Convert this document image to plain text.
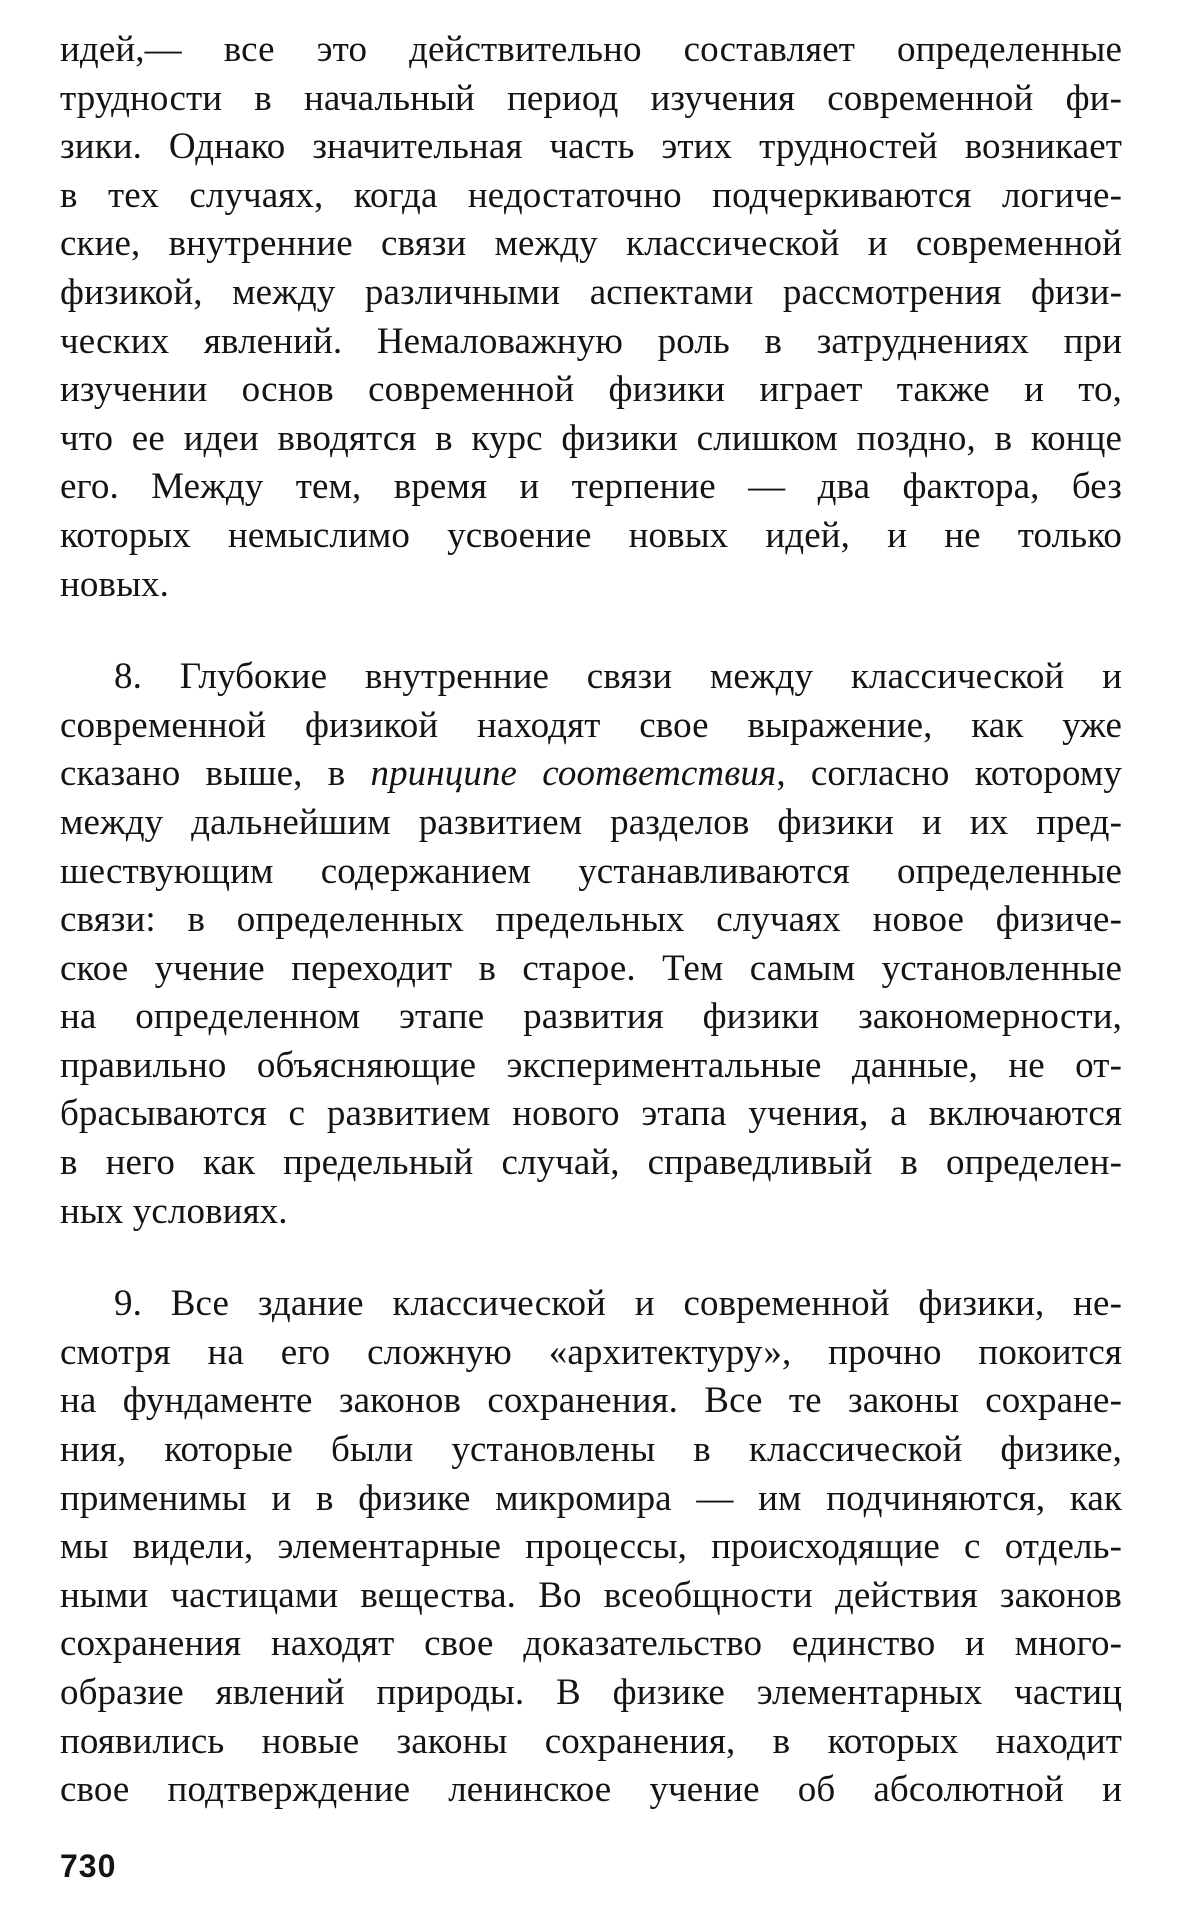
идей,— все это действительно составляет определенные
трудности в начальный период изучения современной фи-
зики. Однако значительная часть этих трудностей возникает
в тех случаях, когда недостаточно подчеркиваются логиче-
ские, внутренние связи между классической и современной
физикой, между различными аспектами рассмотрения физи-
ческих явлений. Немаловажную роль в затруднениях при
изучении основ современной физики играет также и то,
что ее идеи вводятся в курс физики слишком поздно, в конце
его. Между тем, время и терпение — два фактора, без
которых немыслимо усвоение новых идей, и не только
новых.

8. Глубокие внутренние связи между классической и
современной физикой находят свое выражение, как уже
сказано выше, в принципе соответствия, согласно которому
между дальнейшим развитием разделов физики и их пред-
шествующим содержанием устанавливаются определенные
связи: в определенных предельных случаях новое физиче-
ское учение переходит в старое. Тем самым установленные
на определенном этапе развития физики закономерности,
правильно объясняющие экспериментальные данные, не от-
брасываются с развитием нового этапа учения, а включаются
в него как предельный случай, справедливый в определен-
ных условиях.

9. Все здание классической и современной физики, не-
смотря на его сложную «архитектуру», прочно покоится
на фундаменте законов сохранения. Все те законы сохране-
ния, которые были установлены в классической физике,
применимы и в физике микромира — им подчиняются, как
мы видели, элементарные процессы, происходящие с отдель-
ными частицами вещества. Во всеобщности действия законов
сохранения находят свое доказательство единство и много-
образие явлений природы. В физике элементарных частиц
появились новые законы сохранения, в которых находит
свое подтверждение ленинское учение об абсолютной и

730
